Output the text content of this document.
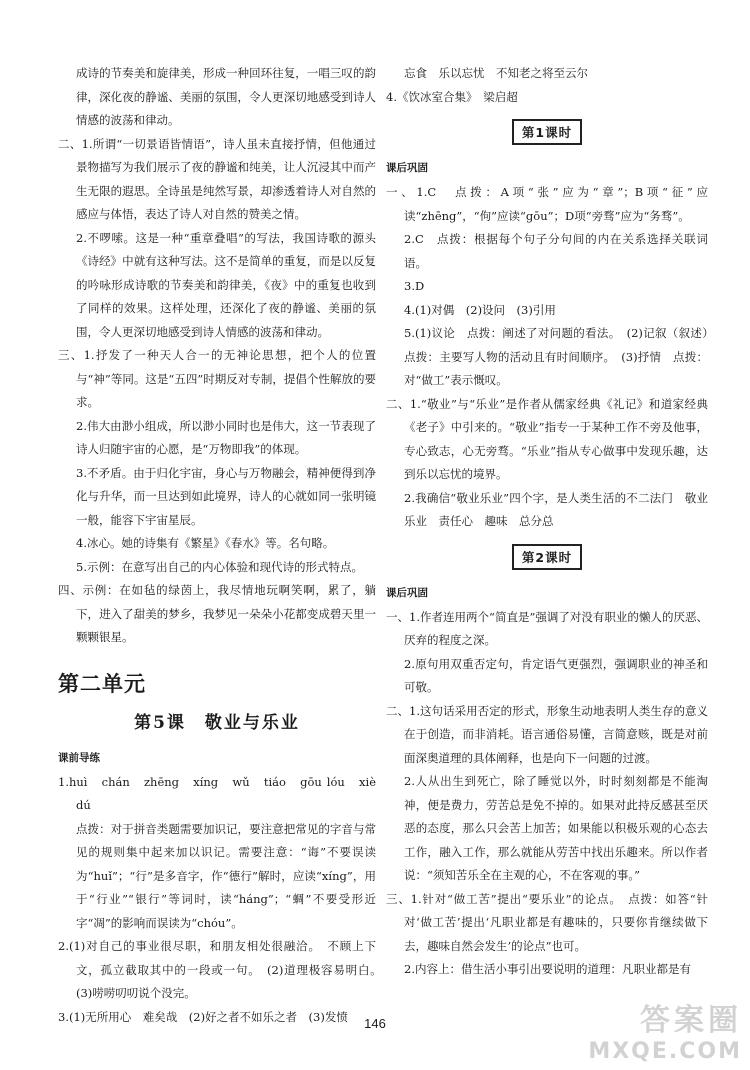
成诗的节奏美和旋律美，形成一种回环往复，一唱三叹的韵律，深化夜的静谧、美丽的氛围，令人更深切地感受到诗人情感的波荡和律动。

二、1.所谓“一切景语皆情语”，诗人虽未直接抒情，但他通过景物描写为我们展示了夜的静谧和纯美，让人沉浸其中而产生无限的遐思。全诗虽是纯然写景，却渗透着诗人对自然的感应与体悟，表达了诗人对自然的赞美之情。

2.不啰嗦。这是一种“重章叠唱”的写法，我国诗歌的源头《诗经》中就有这种写法。这不是简单的重复，而是以反复的吟咏形成诗歌的节奏美和韵律美，《夜》中的重复也收到了同样的效果。这样处理，还深化了夜的静谧、美丽的氛围，令人更深切地感受到诗人情感的波荡和律动。

三、1.抒发了一种天人合一的无神论思想，把个人的位置与“神”等同。这是“五四”时期反对专制，提倡个性解放的要求。

2.伟大由渺小组成，所以渺小同时也是伟大，这一节表现了诗人归随宇宙的心愿，是“万物即我”的体现。

3.不矛盾。由于归化宇宙，身心与万物融会，精神便得到净化与升华，而一旦达到如此境界，诗人的心就如同一张明镜一般，能容下宇宙星辰。

4.冰心。她的诗集有《繁星》《春水》等。名句略。

5.示例：在意写出自己的内心体验和现代诗的形式特点。

四、示例：在如毡的绿茵上，我尽情地玩啊笑啊，累了，躺下，进入了甜美的梦乡，我梦见一朵朵小花都变成碧天里一颗颗银星。

第二单元
第5课　敬业与乐业
课前导练

1.huì　chán　zhēng　xíng　wǔ　tiáo　gōu lóu　xiè　dú

点拨：对于拼音类题需要加识记，要注意把常见的字音与常见的规则集中起来加以识记。需要注意：“诲”不要误读为“huǐ”；“行”是多音字，作“德行”解时，应读“xíng”，用于“行业”“银行”等词时，读“háng”；“蜩”不要受形近字“凋”的影响而误读为“chóu”。

2.(1)对自己的事业很尽职，和朋友相处很融洽。　不顾上下文，孤立截取其中的一段或一句。　(2)道理极容易明白。　(3)唠唠叨叨说个没完。

3.(1)无所用心　难矣哉　(2)好之者不如乐之者　(3)发愤

忘食　乐以忘忧　不知老之将至云尔

4.《饮冰室合集》　梁启超

第1课时
课后巩固

一、1.C　点拨：A项“张”应为“章”；B项“征”应读“zhēng”，“佝”应读“gōu”；D项“旁骛”应为“务骛”。

2.C　点拨：根据每个句子分句间的内在关系选择关联词语。

3.D

4.(1)对偶　(2)设问　(3)引用

5.(1)议论　点拨：阐述了对问题的看法。　(2)记叙（叙述）　点拨：主要写人物的活动且有时间顺序。　(3)抒情　点拨：对“做工”表示慨叹。

二、1.“敬业”与“乐业”是作者从儒家经典《礼记》和道家经典《老子》中引来的。“敬业”指专一于某种工作不旁及他事，专心致志，心无旁骛。“乐业”指从专心做事中发现乐趣，达到乐以忘忧的境界。

2.我确信“敬业乐业”四个字，是人类生活的不二法门　敬业　乐业　责任心　趣味　总分总

第2课时
课后巩固

一、1.作者连用两个“简直是”强调了对没有职业的懒人的厌恶、厌弃的程度之深。

2.原句用双重否定句，肯定语气更强烈，强调职业的神圣和可敬。

二、1.这句话采用否定的形式，形象生动地表明人类生存的意义在于创造，而非消耗。语言通俗易懂，言简意赅，既是对前面深奥道理的具体阐释，也是向下一问题的过渡。

2.人从出生到死亡，除了睡觉以外，时时刻刻都是不能淘神，便是费力，劳苦总是免不掉的。如果对此持反感甚至厌恶的态度，那么只会苦上加苦；如果能以积极乐观的心态去工作，融入工作，那么就能从劳苦中找出乐趣来。所以作者说：“须知苦乐全在主观的心，不在客观的事。”

三、1.针对“做工苦”提出“要乐业”的论点。　点拨：如答“针对‘做工苦’提出‘凡职业都是有趣味的，只要你肯继续做下去，趣味自然会发生’的论点”也可。

2.内容上：借生活小事引出要说明的道理：凡职业都是有

146	答案圈
MXQE.COM
